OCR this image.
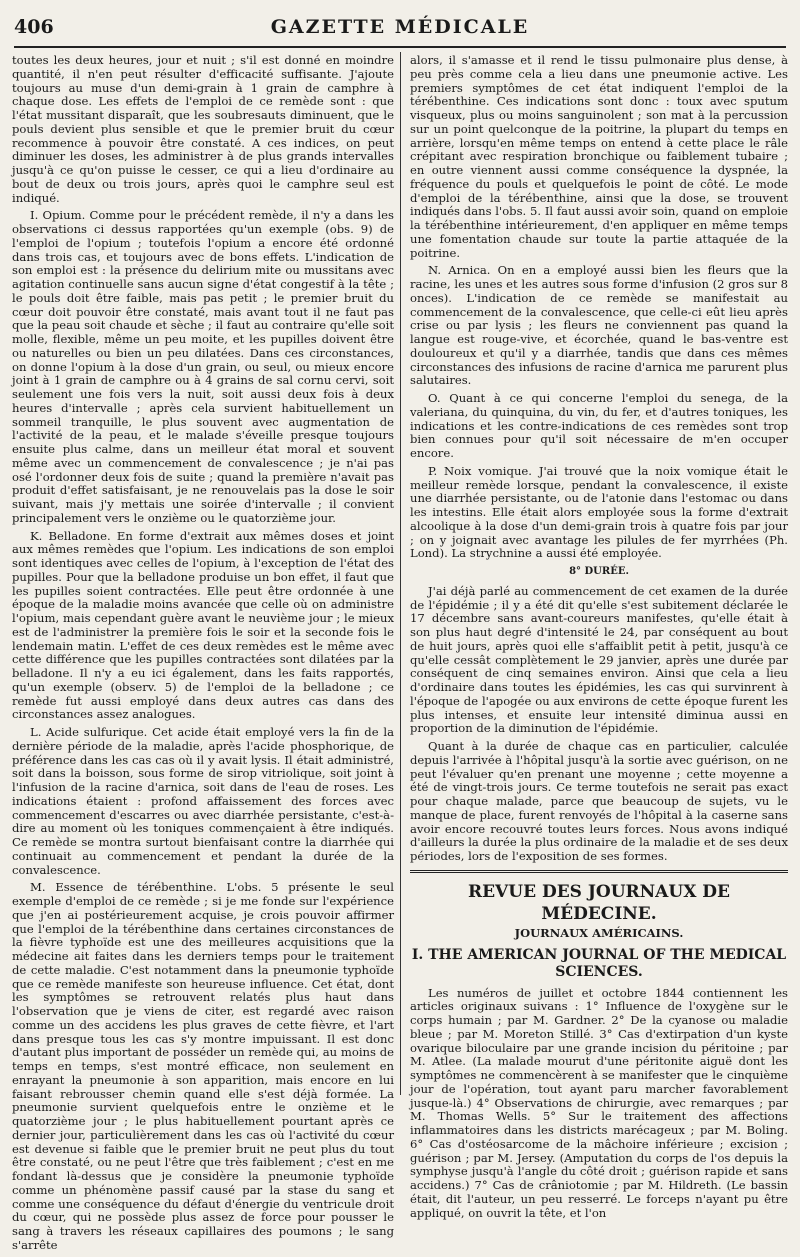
406	GAZETTE MÉDICALE

toutes les deux heures, jour et nuit ; s'il est donné en moindre quantité, il n'en peut résulter d'efficacité suffisante. J'ajoute toujours au muse d'un demi-grain à 1 grain de camphre à chaque dose. Les effets de l'emploi de ce remède sont : que l'état mussitant disparaît, que les soubresauts diminuent, que le pouls devient plus sensible et que le premier bruit du cœur recommence à pouvoir être constaté. A ces indices, on peut diminuer les doses, les administrer à de plus grands intervalles jusqu'à ce qu'on puisse le cesser, ce qui a lieu d'ordinaire au bout de deux ou trois jours, après quoi le camphre seul est indiqué.

I. Opium. Comme pour le précédent remède, il n'y a dans les observations ci dessus rapportées qu'un exemple (obs. 9) de l'emploi de l'opium ; toutefois l'opium a encore été ordonné dans trois cas, et toujours avec de bons effets. L'indication de son emploi est : la présence du delirium mite ou mussitans avec agitation continuelle sans aucun signe d'état congestif à la tête ; le pouls doit être faible, mais pas petit ; le premier bruit du cœur doit pouvoir être constaté, mais avant tout il ne faut pas que la peau soit chaude et sèche ; il faut au contraire qu'elle soit molle, flexible, même un peu moite, et les pupilles doivent être ou naturelles ou bien un peu dilatées. Dans ces circonstances, on donne l'opium à la dose d'un grain, ou seul, ou mieux encore joint à 1 grain de camphre ou à 4 grains de sal cornu cervi, soit seulement une fois vers la nuit, soit aussi deux fois à deux heures d'intervalle ; après cela survient habituellement un sommeil tranquille, le plus souvent avec augmentation de l'activité de la peau, et le malade s'éveille presque toujours ensuite plus calme, dans un meilleur état moral et souvent même avec un commencement de convalescence ; je n'ai pas osé l'ordonner deux fois de suite ; quand la première n'avait pas produit d'effet satisfaisant, je ne renouvelais pas la dose le soir suivant, mais j'y mettais une soirée d'intervalle ; il convient principalement vers le onzième ou le quatorzième jour.

K. Belladone. En forme d'extrait aux mêmes doses et joint aux mêmes remèdes que l'opium. Les indications de son emploi sont identiques avec celles de l'opium, à l'exception de l'état des pupilles. Pour que la belladone produise un bon effet, il faut que les pupilles soient contractées. Elle peut être ordonnée à une époque de la maladie moins avancée que celle où on administre l'opium, mais cependant guère avant le neuvième jour ; le mieux est de l'administrer la première fois le soir et la seconde fois le lendemain matin. L'effet de ces deux remèdes est le même avec cette différence que les pupilles contractées sont dilatées par la belladone. Il n'y a eu ici également, dans les faits rapportés, qu'un exemple (observ. 5) de l'emploi de la belladone ; ce remède fut aussi employé dans deux autres cas dans des circonstances assez analogues.

L. Acide sulfurique. Cet acide était employé vers la fin de la dernière période de la maladie, après l'acide phosphorique, de préférence dans les cas cas où il y avait lysis. Il était administré, soit dans la boisson, sous forme de sirop vitriolique, soit joint à l'infusion de la racine d'arnica, soit dans de l'eau de roses. Les indications étaient : profond affaissement des forces avec commencement d'escarres ou avec diarrhée persistante, c'est-à-dire au moment où les toniques commençaient à être indiqués. Ce remède se montra surtout bienfaisant contre la diarrhée qui continuait au commencement et pendant la durée de la convalescence.

M. Essence de térébenthine. L'obs. 5 présente le seul exemple d'emploi de ce remède ; si je me fonde sur l'expérience que j'en ai postérieurement acquise, je crois pouvoir affirmer que l'emploi de la térébenthine dans certaines circonstances de la fièvre typhoïde est une des meilleures acquisitions que la médecine ait faites dans les derniers temps pour le traitement de cette maladie. C'est notamment dans la pneumonie typhoïde que ce remède manifeste son heureuse influence. Cet état, dont les symptômes se retrouvent relatés plus haut dans l'observation que je viens de citer, est regardé avec raison comme un des accidens les plus graves de cette fièvre, et l'art dans presque tous les cas s'y montre impuissant. Il est donc d'autant plus important de posséder un remède qui, au moins de temps en temps, s'est montré efficace, non seulement en enrayant la pneumonie à son apparition, mais encore en lui faisant rebrousser chemin quand elle s'est déjà formée. La pneumonie survient quelquefois entre le onzième et le quatorzième jour ; le plus habituellement pourtant après ce dernier jour, particulièrement dans les cas où l'activité du cœur est devenue si faible que le premier bruit ne peut plus du tout être constaté, ou ne peut l'être que très faiblement ; c'est en me fondant là-dessus que je considère la pneumonie typhoïde comme un phénomène passif causé par la stase du sang et comme une conséquence du défaut d'énergie du ventricule droit du cœur, qui ne possède plus assez de force pour pousser le sang à travers les réseaux capillaires des poumons ; le sang s'arrête

alors, il s'amasse et il rend le tissu pulmonaire plus dense, à peu près comme cela a lieu dans une pneumonie active. Les premiers symptômes de cet état indiquent l'emploi de la térébenthine. Ces indications sont donc : toux avec sputum visqueux, plus ou moins sanguinolent ; son mat à la percussion sur un point quelconque de la poitrine, la plupart du temps en arrière, lorsqu'en même temps on entend à cette place le râle crépitant avec respiration bronchique ou faiblement tubaire ; en outre viennent aussi comme conséquence la dyspnée, la fréquence du pouls et quelquefois le point de côté. Le mode d'emploi de la térébenthine, ainsi que la dose, se trouvent indiqués dans l'obs. 5. Il faut aussi avoir soin, quand on emploie la térébenthine intérieurement, d'en appliquer en même temps une fomentation chaude sur toute la partie attaquée de la poitrine.

N. Arnica. On en a employé aussi bien les fleurs que la racine, les unes et les autres sous forme d'infusion (2 gros sur 8 onces). L'indication de ce remède se manifestait au commencement de la convalescence, que celle-ci eût lieu après crise ou par lysis ; les fleurs ne conviennent pas quand la langue est rouge-vive, et écorchée, quand le bas-ventre est douloureux et qu'il y a diarrhée, tandis que dans ces mêmes circonstances des infusions de racine d'arnica me parurent plus salutaires.

O. Quant à ce qui concerne l'emploi du senega, de la valeriana, du quinquina, du vin, du fer, et d'autres toniques, les indications et les contre-indications de ces remèdes sont trop bien connues pour qu'il soit nécessaire de m'en occuper encore.

P. Noix vomique. J'ai trouvé que la noix vomique était le meilleur remède lorsque, pendant la convalescence, il existe une diarrhée persistante, ou de l'atonie dans l'estomac ou dans les intestins. Elle était alors employée sous la forme d'extrait alcoolique à la dose d'un demi-grain trois à quatre fois par jour ; on y joignait avec avantage les pilules de fer myrrhées (Ph. Lond). La strychnine a aussi été employée.

8° DURÉE.

J'ai déjà parlé au commencement de cet examen de la durée de l'épidémie ; il y a été dit qu'elle s'est subitement déclarée le 17 décembre sans avant-coureurs manifestes, qu'elle était à son plus haut degré d'intensité le 24, par conséquent au bout de huit jours, après quoi elle s'affaiblit petit à petit, jusqu'à ce qu'elle cessât complètement le 29 janvier, après une durée par conséquent de cinq semaines environ. Ainsi que cela a lieu d'ordinaire dans toutes les épidémies, les cas qui survinrent à l'époque de l'apogée ou aux environs de cette époque furent les plus intenses, et ensuite leur intensité diminua aussi en proportion de la diminution de l'épidémie.

Quant à la durée de chaque cas en particulier, calculée depuis l'arrivée à l'hôpital jusqu'à la sortie avec guérison, on ne peut l'évaluer qu'en prenant une moyenne ; cette moyenne a été de vingt-trois jours. Ce terme toutefois ne serait pas exact pour chaque malade, parce que beaucoup de sujets, vu le manque de place, furent renvoyés de l'hôpital à la caserne sans avoir encore recouvré toutes leurs forces. Nous avons indiqué d'ailleurs la durée la plus ordinaire de la maladie et de ses deux périodes, lors de l'exposition de ses formes.

REVUE DES JOURNAUX DE MÉDECINE.
JOURNAUX AMÉRICAINS.
I. THE AMERICAN JOURNAL OF THE MEDICAL SCIENCES.

Les numéros de juillet et octobre 1844 contiennent les articles originaux suivans : 1° Influence de l'oxygène sur le corps humain ; par M. Gardner. 2° De la cyanose ou maladie bleue ; par M. Moreton Stillé. 3° Cas d'extirpation d'un kyste ovarique biloculaire par une grande incision du péritoine ; par M. Atlee. (La malade mourut d'une péritonite aiguë dont les symptômes ne commencèrent à se manifester que le cinquième jour de l'opération, tout ayant paru marcher favorablement jusque-là.) 4° Observations de chirurgie, avec remarques ; par M. Thomas Wells. 5° Sur le traitement des affections inflammatoires dans les districts marécageux ; par M. Boling. 6° Cas d'ostéosarcome de la mâchoire inférieure ; excision ; guérison ; par M. Jersey. (Amputation du corps de l'os depuis la symphyse jusqu'à l'angle du côté droit ; guérison rapide et sans accidens.) 7° Cas de crâniotomie ; par M. Hildreth. (Le bassin était, dit l'auteur, un peu resserré. Le forceps n'ayant pu être appliqué, on ouvrit la tête, et l'on
